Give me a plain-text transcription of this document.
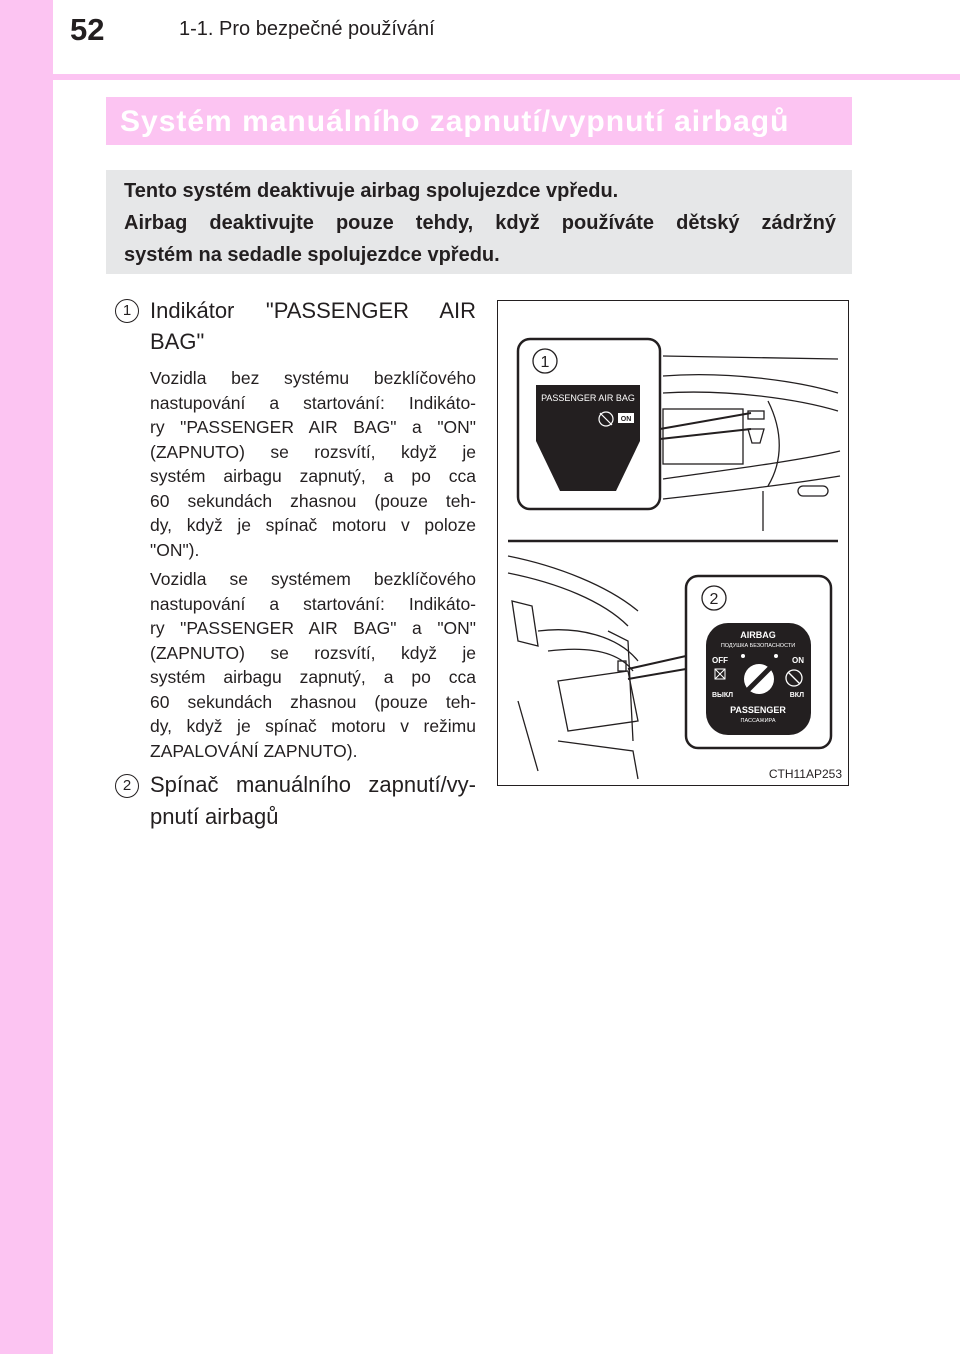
52	1-1. Pro bezpečné používání
Systém manuálního zapnutí/vypnutí airbagů
Tento systém deaktivuje airbag spolujezdce vpředu.
Airbag deaktivujte pouze tehdy, když používáte dětský zádržný
systém na sedadle spolujezdce vpředu.
1 Indikátor "PASSENGER AIR
BAG"
Vozidla bez systému bezklíčového
nastupování a startování: Indikáto-
ry "PASSENGER AIR BAG" a "ON"
(ZAPNUTO) se rozsvítí, když je
systém airbagu zapnutý, a po cca
60 sekundách zhasnou (pouze teh-
dy, když je spínač motoru v poloze
"ON").
Vozidla se systémem bezklíčového
nastupování a startování: Indikáto-
ry "PASSENGER AIR BAG" a "ON"
(ZAPNUTO) se rozsvítí, když je
systém airbagu zapnutý, a po cca
60 sekundách zhasnou (pouze teh-
dy, když je spínač motoru v režimu
ZAPALOVÁNÍ ZAPNUTO).
2 Spínač manuálního zapnutí/vy-
pnutí airbagů
1
PASSENGER AIR BAG
ON
2
AIRBAG
ПОДУШКА БЕЗОПАСНОСТИ
OFF	ON
ВЫКЛ	ВКЛ
PASSENGER
ПАССАЖИРА
CTH11AP253
